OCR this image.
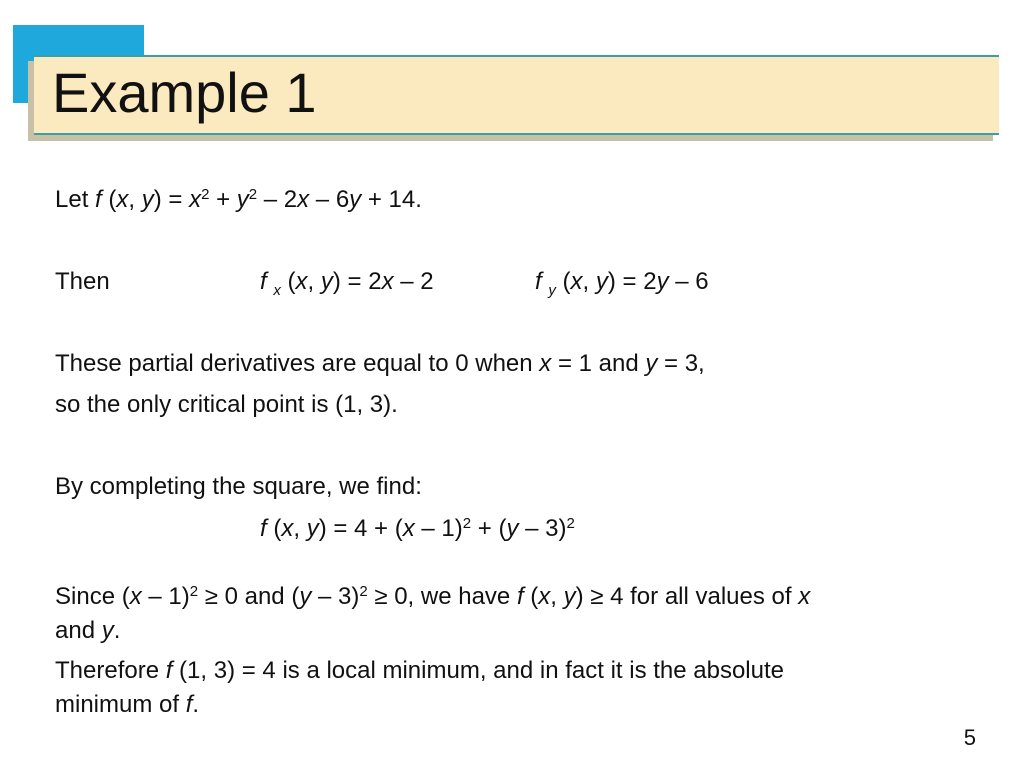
Example 1

Let f (x, $y) = x^2 + y^2 - 2x - 6y + 14$.

Then	f $_x$ (x, y) = 2x – 2	f $_y$ (x, y) = 2y – 6

These partial derivatives are equal to 0 when x = 1 and y = 3,

so the only critical point is (1, 3).

By completing the square, we find:

f (x, y) = 4 + (x – 1)$^2$ + (y – 3)$^2$

Since (x – 1)$^2$ ≥ 0 and (y – 3)$^2$ ≥ 0, we have f (x, y) ≥ 4 for all values of x

and y.

Therefore f (1, 3) = 4 is a local minimum, and in fact it is the absolute

minimum of f.

5
